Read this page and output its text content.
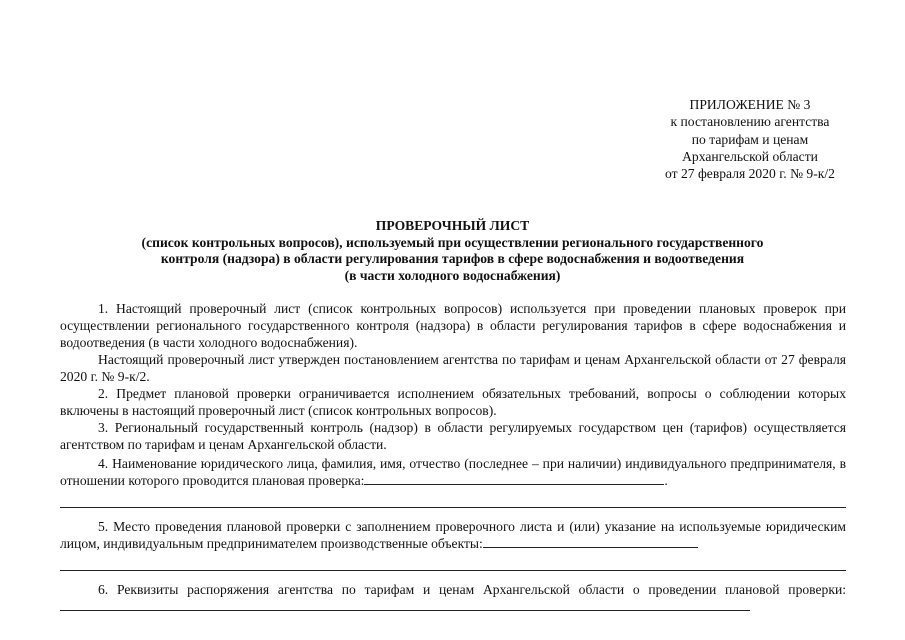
ПРИЛОЖЕНИЕ № 3
к постановлению агентства
по тарифам и ценам
Архангельской области
от 27 февраля 2020 г. № 9-к/2
ПРОВЕРОЧНЫЙ ЛИСТ
(список контрольных вопросов), используемый при осуществлении регионального государственного
контроля (надзора) в области регулирования тарифов в сфере водоснабжения и водоотведения
(в части холодного водоснабжения)

1. Настоящий проверочный лист (список контрольных вопросов) используется при проведении плановых проверок при осуществлении регионального государственного контроля (надзора) в области регулирования тарифов в сфере водоснабжения и водоотведения (в части холодного водоснабжения).

Настоящий проверочный лист утвержден постановлением агентства по тарифам и ценам Архангельской области от 27 февраля 2020 г. № 9-к/2.

2. Предмет плановой проверки ограничивается исполнением обязательных требований, вопросы о соблюдении которых включены в настоящий проверочный лист (список контрольных вопросов).

3. Региональный государственный контроль (надзор) в области регулируемых государством цен (тарифов) осуществляется агентством по тарифам и ценам Архангельской области.

4. Наименование юридического лица, фамилия, имя, отчество (последнее – при наличии) индивидуального предпринимателя, в отношении которого проводится плановая проверка:	.

5. Место проведения плановой проверки с заполнением проверочного листа и (или) указание на используемые юридическим лицом, индивидуальным предпринимателем производственные объекты:

6. Реквизиты распоряжения агентства по тарифам и ценам Архангельской области о проведении плановой проверки:
